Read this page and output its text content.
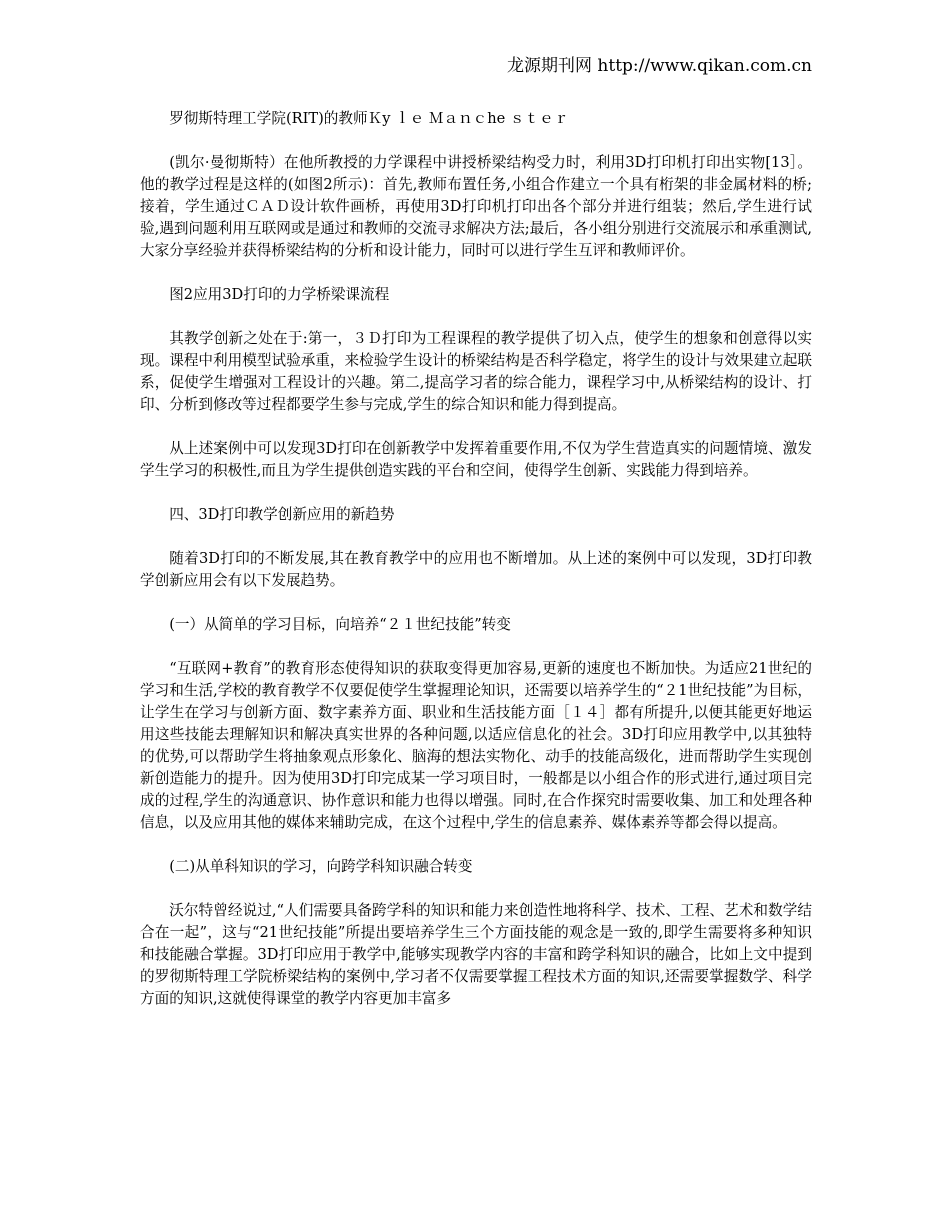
龙源期刊网 http://www.qikan.com.cn

罗彻斯特理工学院(RIT)的教师Ｋy ｌｅ Ｍａｎｃhe ｓｔｅｒ

(凯尔·曼彻斯特）在他所教授的力学课程中讲授桥梁结构受力时，利用3D打印机打印出实物[13］。他的教学过程是这样的(如图2所示)：首先,教师布置任务,小组合作建立一个具有桁架的非金属材料的桥;接着，学生通过ＣＡＤ设计软件画桥，再使用3D打印机打印出各个部分并进行组装；然后,学生进行试验,遇到问题利用互联网或是通过和教师的交流寻求解决方法;最后，各小组分别进行交流展示和承重测试,大家分享经验并获得桥梁结构的分析和设计能力，同时可以进行学生互评和教师评价。

图2应用3D打印的力学桥梁课流程

其教学创新之处在于:第一，３Ｄ打印为工程课程的教学提供了切入点，使学生的想象和创意得以实现。课程中利用模型试验承重，来检验学生设计的桥梁结构是否科学稳定，将学生的设计与效果建立起联系，促使学生增强对工程设计的兴趣。第二,提高学习者的综合能力，课程学习中,从桥梁结构的设计、打印、分析到修改等过程都要学生参与完成,学生的综合知识和能力得到提高。

从上述案例中可以发现3D打印在创新教学中发挥着重要作用,不仅为学生营造真实的问题情境、激发学生学习的积极性,而且为学生提供创造实践的平台和空间，使得学生创新、实践能力得到培养。

四、3D打印教学创新应用的新趋势

随着3D打印的不断发展,其在教育教学中的应用也不断增加。从上述的案例中可以发现，3D打印教学创新应用会有以下发展趋势。

(一）从简单的学习目标，向培养“２１世纪技能”转变

“互联网+教育”的教育形态使得知识的获取变得更加容易,更新的速度也不断加快。为适应21世纪的学习和生活,学校的教育教学不仅要促使学生掌握理论知识，还需要以培养学生的“２1世纪技能”为目标，让学生在学习与创新方面、数字素养方面、职业和生活技能方面［１４］都有所提升,以便其能更好地运用这些技能去理解知识和解决真实世界的各种问题,以适应信息化的社会。3D打印应用教学中,以其独特的优势,可以帮助学生将抽象观点形象化、脑海的想法实物化、动手的技能高级化，进而帮助学生实现创新创造能力的提升。因为使用3D打印完成某一学习项目时，一般都是以小组合作的形式进行,通过项目完成的过程,学生的沟通意识、协作意识和能力也得以增强。同时,在合作探究时需要收集、加工和处理各种信息，以及应用其他的媒体来辅助完成，在这个过程中,学生的信息素养、媒体素养等都会得以提高。

(二)从单科知识的学习，向跨学科知识融合转变

沃尔特曾经说过,“人们需要具备跨学科的知识和能力来创造性地将科学、技术、工程、艺术和数学结合在一起”，这与“21世纪技能”所提出要培养学生三个方面技能的观念是一致的,即学生需要将多种知识和技能融合掌握。3D打印应用于教学中,能够实现教学内容的丰富和跨学科知识的融合，比如上文中提到的罗彻斯特理工学院桥梁结构的案例中,学习者不仅需要掌握工程技术方面的知识,还需要掌握数学、科学方面的知识,这就使得课堂的教学内容更加丰富多
